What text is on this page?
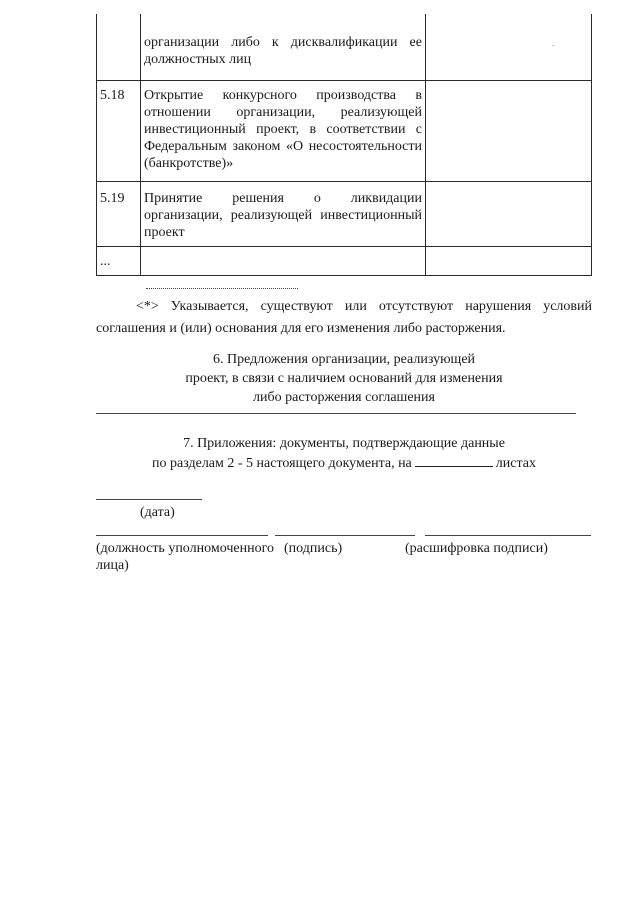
	организации либо к дисквалификации ее должностных лиц	
5.18	Открытие конкурсного производства в отношении организации, реализующей инвестиционный проект, в соответствии с Федеральным законом «О несостоятельности (банкротстве)»	
5.19	Принятие решения о ликвидации организации, реализующей инвестиционный проект	
...		
-
<*> Указывается, существуют или отсутствуют нарушения условий соглашения и (или) основания для его изменения либо расторжения.
6. Предложения организации, реализующей
проект, в связи с наличием оснований для изменения
либо расторжения соглашения
7. Приложения: документы, подтверждающие данные
по разделам 2 - 5 настоящего документа, на	листах
(дата)
(должность уполномоченного лица)
(подпись)	(расшифровка подписи)
